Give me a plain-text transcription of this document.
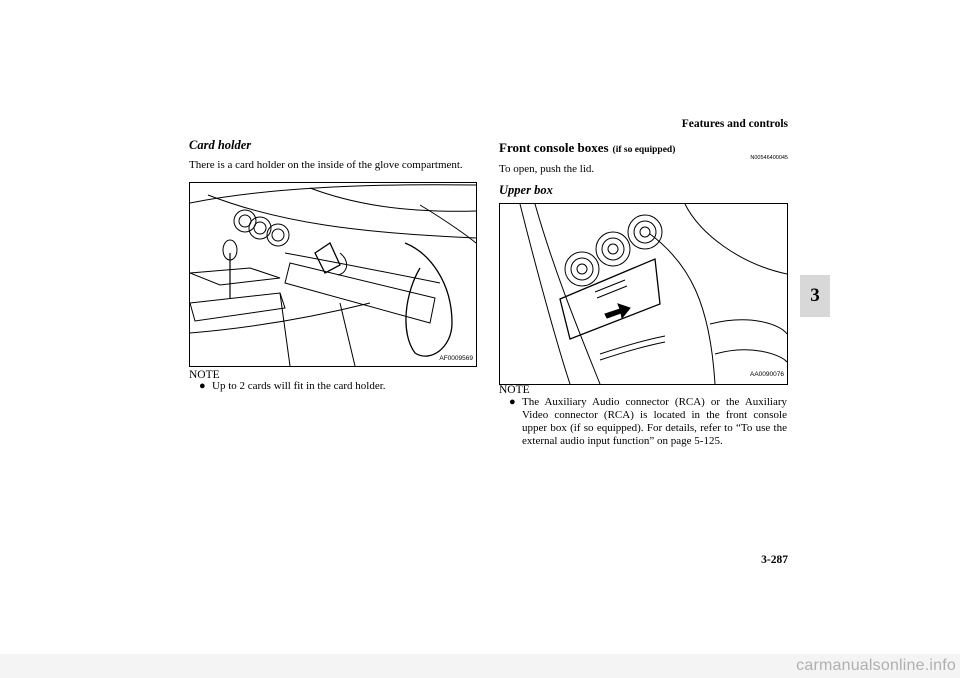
Features and controls
3
Card holder
There is a card holder on the inside of the glove compartment.
AF0009569
NOTE
● Up to 2 cards will fit in the card holder.
Front console boxes (if so equipped)
N00546400045
To open, push the lid.
Upper box
AA0090076
NOTE
● The Auxiliary Audio connector (RCA) or the Auxiliary Video connector (RCA) is located in the front console upper box (if so equipped). For details, refer to “To use the external audio input function” on page 5-125.
3-287
carmanualsonline.info
